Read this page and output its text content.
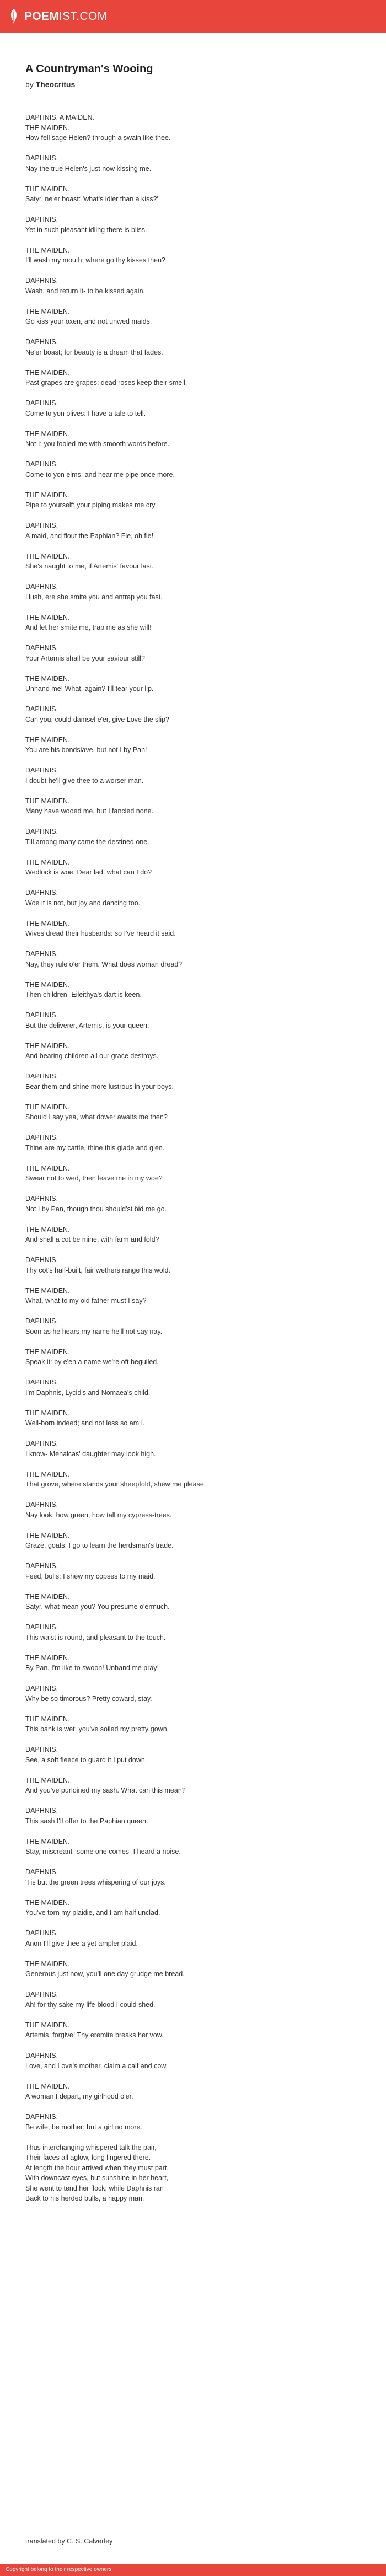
POEMIST.COM
A Countryman's Wooing
by Theocritus
DAPHNIS, A MAIDEN.
THE MAIDEN.
How fell sage Helen? through a swain like thee.
DAPHNIS.
Nay the true Helen's just now kissing me.
THE MAIDEN.
Satyr, ne'er boast: 'what's idler than a kiss?'
DAPHNIS.
Yet in such pleasant idling there is bliss.
THE MAIDEN.
I'll wash my mouth: where go thy kisses then?
DAPHNIS.
Wash, and return it- to be kissed again.
THE MAIDEN.
Go kiss your oxen, and not unwed maids.
DAPHNIS.
Ne'er boast; for beauty is a dream that fades.
THE MAIDEN.
Past grapes are grapes: dead roses keep their smell.
DAPHNIS.
Come to yon olives: I have a tale to tell.
THE MAIDEN.
Not I: you fooled me with smooth words before.
DAPHNIS.
Come to yon elms, and hear me pipe once more.
THE MAIDEN.
Pipe to yourself: your piping makes me cry.
DAPHNIS.
A maid, and flout the Paphian? Fie, oh fie!
THE MAIDEN.
She's naught to me, if Artemis' favour last.
DAPHNIS.
Hush, ere she smite you and entrap you fast.
THE MAIDEN.
And let her smite me, trap me as she will!
DAPHNIS.
Your Artemis shall be your saviour still?
THE MAIDEN.
Unhand me! What, again? I'll tear your lip.
DAPHNIS.
Can you, could damsel e'er, give Love the slip?
THE MAIDEN.
You are his bondslave, but not I by Pan!
DAPHNIS.
I doubt he'll give thee to a worser man.
THE MAIDEN.
Many have wooed me, but I fancied none.
DAPHNIS.
Till among many came the destined one.
THE MAIDEN.
Wedlock is woe. Dear lad, what can I do?
DAPHNIS.
Woe it is not, but joy and dancing too.
THE MAIDEN.
Wives dread their husbands: so I've heard it said.
DAPHNIS.
Nay, they rule o'er them. What does woman dread?
THE MAIDEN.
Then children- Eileithya's dart is keen.
DAPHNIS.
But the deliverer, Artemis, is your queen.
THE MAIDEN.
And bearing children all our grace destroys.
DAPHNIS.
Bear them and shine more lustrous in your boys.
THE MAIDEN.
Should I say yea, what dower awaits me then?
DAPHNIS.
Thine are my cattle, thine this glade and glen.
THE MAIDEN.
Swear not to wed, then leave me in my woe?
DAPHNIS.
Not I by Pan, though thou should'st bid me go.
THE MAIDEN.
And shall a cot be mine, with farm and fold?
DAPHNIS.
Thy cot's half-built, fair wethers range this wold.
THE MAIDEN.
What, what to my old father must I say?
DAPHNIS.
Soon as he hears my name he'll not say nay.
THE MAIDEN.
Speak it: by e'en a name we're oft beguiled.
DAPHNIS.
I'm Daphnis, Lycid's and Nomaea's child.
THE MAIDEN.
Well-born indeed; and not less so am I.
DAPHNIS.
I know- Menalcas' daughter may look high.
THE MAIDEN.
That grove, where stands your sheepfold, shew me please.
DAPHNIS.
Nay look, how green, how tall my cypress-trees.
THE MAIDEN.
Graze, goats: I go to learn the herdsman's trade.
DAPHNIS.
Feed, bulls: I shew my copses to my maid.
THE MAIDEN.
Satyr, what mean you? You presume o'ermuch.
DAPHNIS.
This waist is round, and pleasant to the touch.
THE MAIDEN.
By Pan, I'm like to swoon! Unhand me pray!
DAPHNIS.
Why be so timorous? Pretty coward, stay.
THE MAIDEN.
This bank is wet: you've soiled my pretty gown.
DAPHNIS.
See, a soft fleece to guard it I put down.
THE MAIDEN.
And you've purloined my sash. What can this mean?
DAPHNIS.
This sash I'll offer to the Paphian queen.
THE MAIDEN.
Stay, miscreant- some one comes- I heard a noise.
DAPHNIS.
'Tis but the green trees whispering of our joys.
THE MAIDEN.
You've torn my plaidie, and I am half unclad.
DAPHNIS.
Anon I'll give thee a yet ampler plaid.
THE MAIDEN.
Generous just now, you'll one day grudge me bread.
DAPHNIS.
Ah! for thy sake my life-blood I could shed.
THE MAIDEN.
Artemis, forgive! Thy eremite breaks her vow.
DAPHNIS.
Love, and Love's mother, claim a calf and cow.
THE MAIDEN.
A woman I depart, my girlhood o'er.
DAPHNIS.
Be wife, be mother; but a girl no more.
Thus interchanging whispered talk the pair,
Their faces all aglow, long lingered there.
At length the hour arrived when they must part.
With downcast eyes, but sunshine in her heart,
She went to tend her flock; while Daphnis ran
Back to his herded bulls, a happy man.
translated by C. S. Calverley
Copyright belong to their respective owners
